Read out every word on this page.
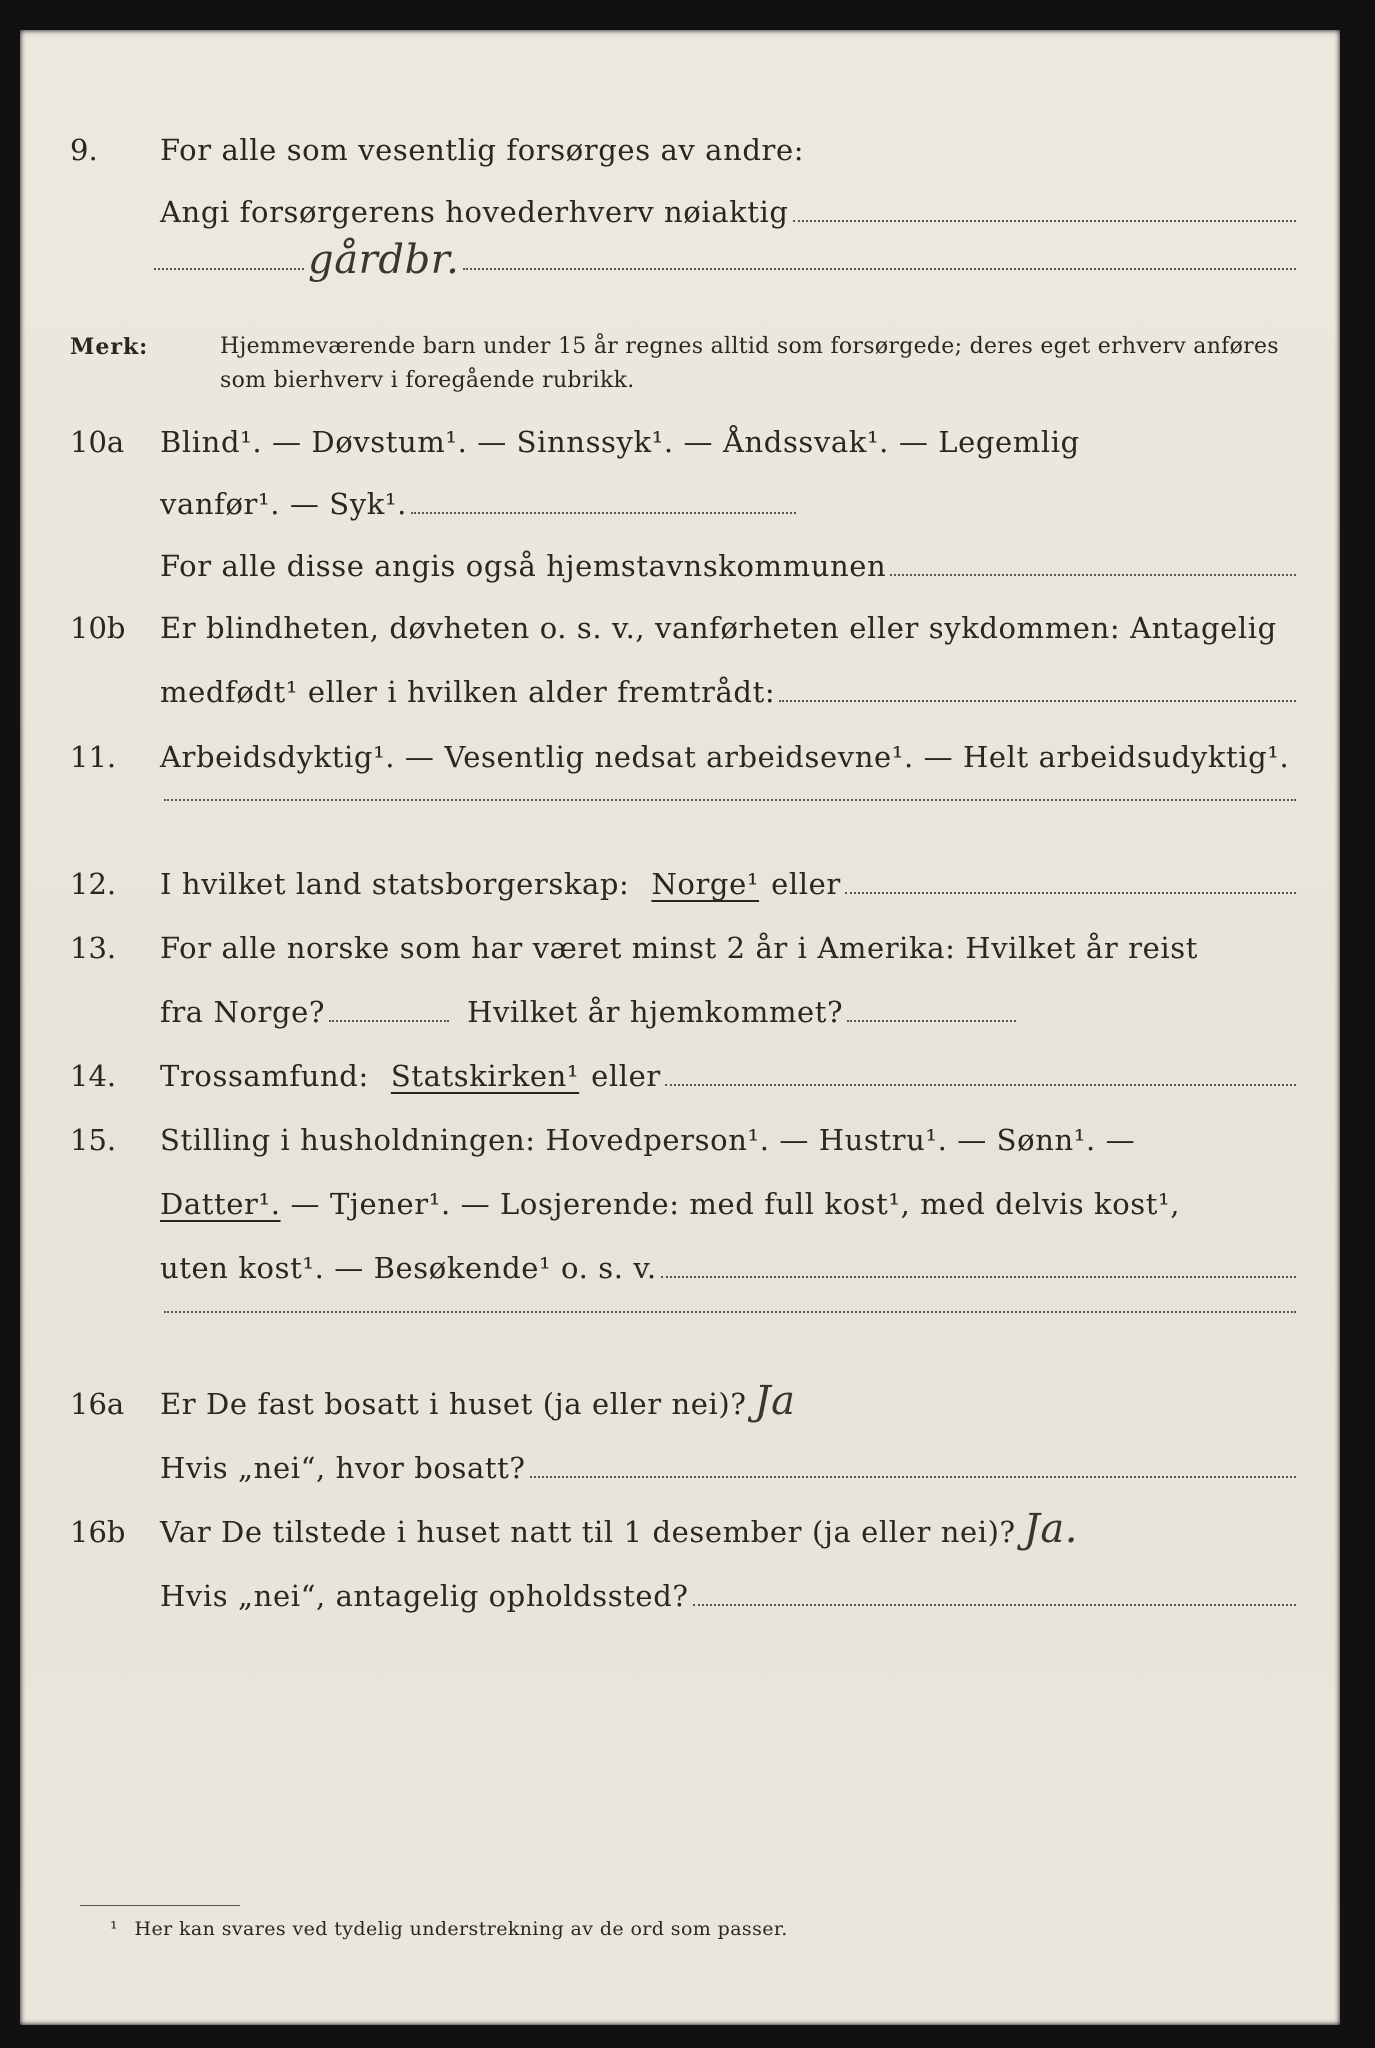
9. For alle som vesentlig forsørges av andre:
Angi forsørgerens hovederhverv nøiaktig
gårdbr.
Merk:	Hjemmeværende barn under 15 år regnes alltid som forsørgede; deres eget erhverv anføres som bierhverv i foregående rubrikk.
10a Blind¹. — Døvstum¹. — Sinnssyk¹. — Åndssvak¹. — Legemlig
vanfør¹. — Syk¹.
For alle disse angis også hjemstavnskommunen
10b Er blindheten, døvheten o. s. v., vanførheten eller sykdommen: Antagelig
medfødt¹ eller i hvilken alder fremtrådt:
11. Arbeidsdyktig¹. — Vesentlig nedsat arbeidsevne¹. — Helt arbeidsudyktig¹.
12. I hvilket land statsborgerskap: Norge¹ eller
13. For alle norske som har været minst 2 år i Amerika: Hvilket år reist
fra Norge?	Hvilket år hjemkommet?
14. Trossamfund: Statskirken¹ eller
15. Stilling i husholdningen: Hovedperson¹. — Hustru¹. — Sønn¹. —
Datter¹. — Tjener¹. — Losjerende: med full kost¹, med delvis kost¹,
uten kost¹. — Besøkende¹ o. s. v.
16a Er De fast bosatt i huset (ja eller nei)? Ja
Hvis „nei“, hvor bosatt?
16b Var De tilstede i huset natt til 1 desember (ja eller nei)? Ja.
Hvis „nei“, antagelig opholdssted?
¹ Her kan svares ved tydelig understrekning av de ord som passer.
